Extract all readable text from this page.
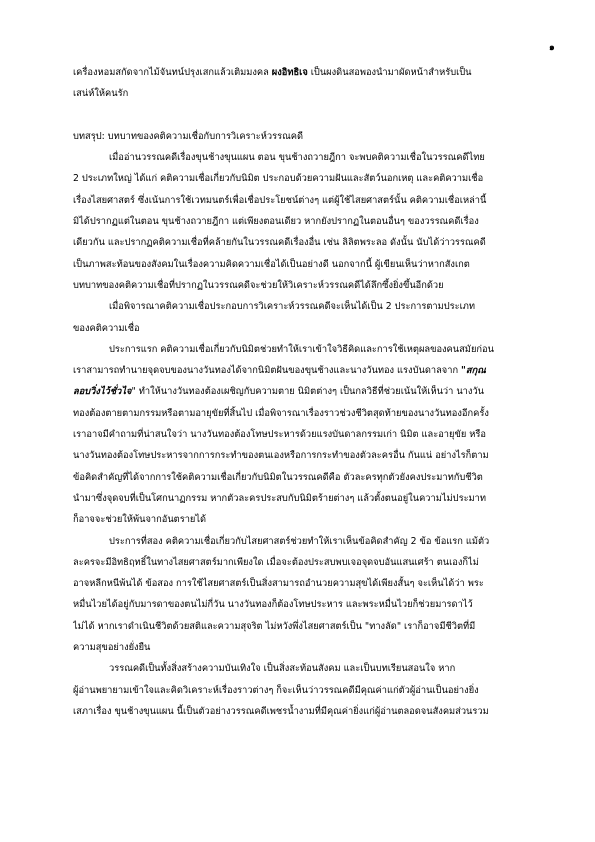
๑
เครื่องหอมสกัดจากไม้จันทน์ปรุงเสกแล้วเติมมงคล ผงอิทธิเจ เป็นผงดินสอพองนำมาผัดหน้าสำหรับเป็น
เสน่ห์ให้คนรัก
บทสรุป: บทบาทของคติความเชื่อกับการวิเคราะห์วรรณคดี
เมื่ออ่านวรรณคดีเรื่องขุนช้างขุนแผน ตอน ขุนช้างถวายฎีกา จะพบคติความเชื่อในวรรณคดีไทย
2 ประเภทใหญ่ ได้แก่ คติความเชื่อเกี่ยวกับนิมิต ประกอบด้วยความฝันและสัตว์นอกเหตุ และคติความเชื่อ
เรื่องไสยศาสตร์ ซึ่งเน้นการใช้เวทมนตร์เพื่อเชื่อประโยชน์ต่างๆ แต่ผู้ใช้ไสยศาสตร์นั้น คติความเชื่อเหล่านี้
มิได้ปรากฏแต่ในตอน ขุนช้างถวายฎีกา แต่เพียงตอนเดียว หากยังปรากฏในตอนอื่นๆ ของวรรณคดีเรื่อง
เดียวกัน และปรากฏคติความเชื่อที่คล้ายกันในวรรณคดีเรื่องอื่น เช่น ลิลิตพระลอ ดังนั้น นับได้ว่าวรรณคดี
เป็นภาพสะท้อนของสังคมในเรื่องความคิดความเชื่อได้เป็นอย่างดี นอกจากนี้ ผู้เขียนเห็นว่าหากสังเกต
บทบาทของคติความเชื่อที่ปรากฏในวรรณคดีจะช่วยให้วิเคราะห์วรรณคดีได้ลึกซึ้งยิ่งขึ้นอีกด้วย
เมื่อพิจารณาคติความเชื่อประกอบการวิเคราะห์วรรณคดีจะเห็นได้เป็น 2 ประการตามประเภท
ของคติความเชื่อ
ประการแรก คติความเชื่อเกี่ยวกับนิมิตช่วยทำให้เราเข้าใจวิธีคิดและการใช้เหตุผลของคนสมัยก่อน
เราสามารถทำนายจุดจบของนางวันทองได้จากนิมิตฝันของขุนช้างและนางวันทอง แรงบันดาลจาก "สกุณ
ลอบวิ่งไว้ชั่วไจ" ทำให้นางวันทองต้องเผชิญกับความตาย นิมิตต่างๆ เป็นกลวิธีที่ช่วยเน้นให้เห็นว่า นางวัน
ทองต้องตายตามกรรมหรือตามอายุขัยที่สิ้นไป เมื่อพิจารณาเรื่องราวช่วงชีวิตสุดท้ายของนางวันทองอีกครั้ง
เราอาจมีคำถามที่น่าสนใจว่า นางวันทองต้องโทษประหารด้วยแรงบันดาลกรรมเก่า นิมิต และอายุขัย หรือ
นางวันทองต้องโทษประหารจากการกระทำของตนเองหรือการกระทำของตัวละครอื่น กันแน่ อย่างไรก็ตาม
ข้อคิดสำคัญที่ได้จากการใช้คติความเชื่อเกี่ยวกับนิมิตในวรรณคดีคือ ตัวละครทุกตัวยังคงประมาทกับชีวิต
นำมาซึ่งจุดจบที่เป็นโศกนาฏกรรม หากตัวละครประสบกับนิมิตร้ายต่างๆ แล้วตั้งตนอยู่ในความไม่ประมาท
ก็อาจจะช่วยให้พ้นจากอันตรายได้
ประการที่สอง คติความเชื่อเกี่ยวกับไสยศาสตร์ช่วยทำให้เราเห็นข้อคิดสำคัญ 2 ข้อ ข้อแรก แม้ตัว
ละครจะมีอิทธิฤทธิ์ในทางไสยศาสตร์มากเพียงใด เมื่อจะต้องประสบพบเจอจุดจบอันแสนเศร้า ตนเองก็ไม่
อาจหลีกหนีพ้นได้ ข้อสอง การใช้ไสยศาสตร์เป็นสิ่งสามารถอำนวยความสุขได้เพียงสั้นๆ จะเห็นได้ว่า พระ
หมื่นไวยได้อยู่กับมารดาของตนไม่กี่วัน นางวันทองก็ต้องโทษประหาร และพระหมื่นไวยก็ช่วยมารดาไว้
ไม่ได้ หากเราดำเนินชีวิตด้วยสติและความสุจริต ไม่หวังพึ่งไสยศาสตร์เป็น "ทางลัด" เราก็อาจมีชีวิตที่มี
ความสุขอย่างยั่งยืน
วรรณคดีเป็นทั้งสิ่งสร้างความบันเทิงใจ เป็นสิ่งสะท้อนสังคม และเป็นบทเรียนสอนใจ หาก
ผู้อ่านพยายามเข้าใจและคิดวิเคราะห์เรื่องราวต่างๆ ก็จะเห็นว่าวรรณคดีมีคุณค่าแก่ตัวผู้อ่านเป็นอย่างยิ่ง
เสภาเรื่อง ขุนช้างขุนแผน นี้เป็นตัวอย่างวรรณคดีเพชรน้ำงามที่มีคุณค่ายิ่งแก่ผู้อ่านตลอดจนสังคมส่วนรวม
